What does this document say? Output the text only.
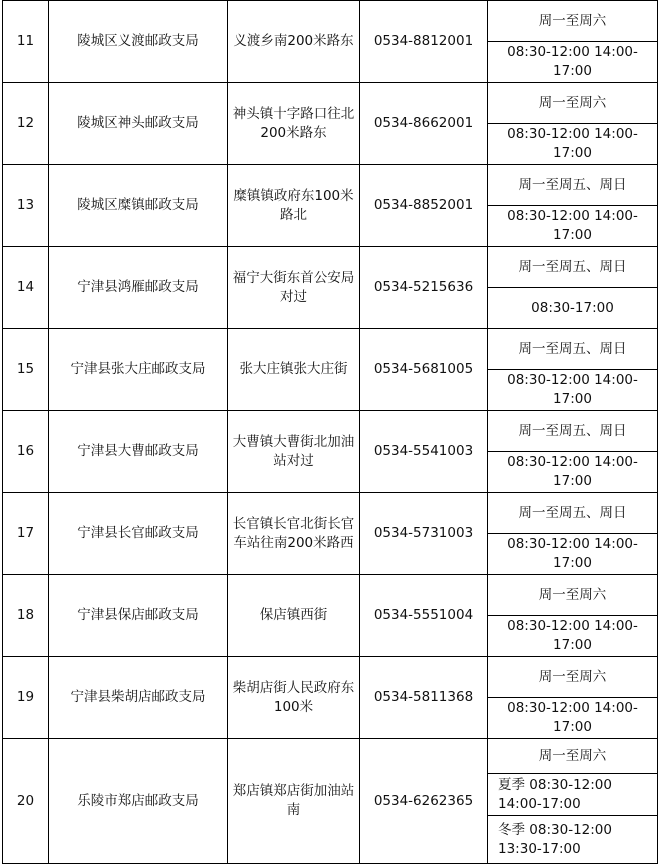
11	陵城区义渡邮政支局	义渡乡南200米路东	0534-8812001	周一至周六
				08:30-12:00 14:00-17:00
12	陵城区神头邮政支局	神头镇十字路口往北200米路东	0534-8662001	周一至周六
				08:30-12:00 14:00-17:00
13	陵城区糜镇邮政支局	糜镇镇政府东100米路北	0534-8852001	周一至周五、周日
				08:30-12:00 14:00-17:00
14	宁津县鸿雁邮政支局	福宁大街东首公安局对过	0534-5215636	周一至周五、周日
				08:30-17:00
15	宁津县张大庄邮政支局	张大庄镇张大庄街	0534-5681005	周一至周五、周日
				08:30-12:00 14:00-17:00
16	宁津县大曹邮政支局	大曹镇大曹街北加油站对过	0534-5541003	周一至周五、周日
				08:30-12:00 14:00-17:00
17	宁津县长官邮政支局	长官镇长官北街长官车站往南200米路西	0534-5731003	周一至周五、周日
				08:30-12:00 14:00-17:00
18	宁津县保店邮政支局	保店镇西街	0534-5551004	周一至周六
				08:30-12:00 14:00-17:00
19	宁津县柴胡店邮政支局	柴胡店街人民政府东100米	0534-5811368	周一至周六
				08:30-12:00 14:00-17:00
20	乐陵市郑店邮政支局	郑店镇郑店街加油站南	0534-6262365	周一至周六

				夏季 08:30-12:00 14:00-17:00

				冬季 08:30-12:00 13:30-17:00
